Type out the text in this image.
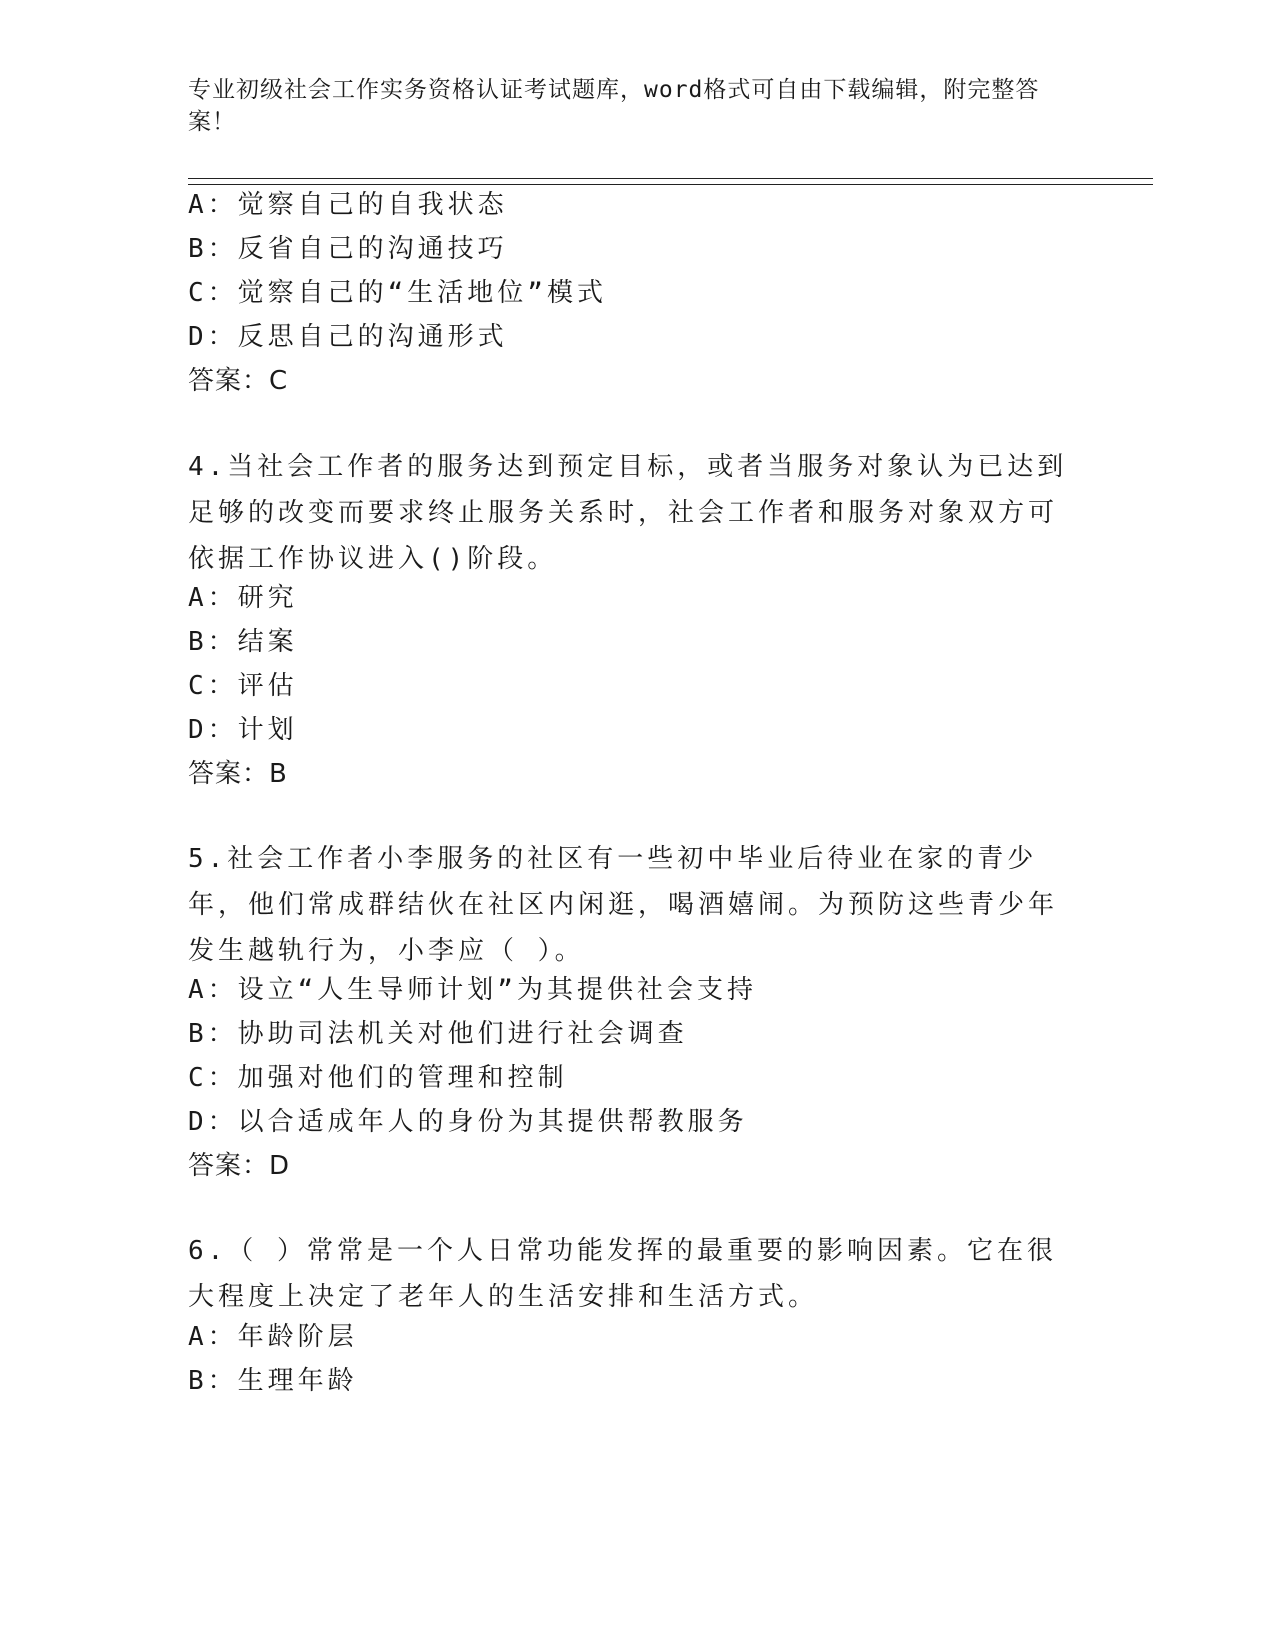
专业初级社会工作实务资格认证考试题库，word格式可自由下载编辑，附完整答案！
A：觉察自己的自我状态
B：反省自己的沟通技巧
C：觉察自己的“生活地位”模式
D：反思自己的沟通形式
答案：C
4.当社会工作者的服务达到预定目标，或者当服务对象认为已达到足够的改变而要求终止服务关系时，社会工作者和服务对象双方可依据工作协议进入()阶段。
A：研究
B：结案
C：评估
D：计划
答案：B
5.社会工作者小李服务的社区有一些初中毕业后待业在家的青少年，他们常成群结伙在社区内闲逛，喝酒嬉闹。为预防这些青少年发生越轨行为，小李应（ ）。
A：设立“人生导师计划”为其提供社会支持
B：协助司法机关对他们进行社会调查
C：加强对他们的管理和控制
D：以合适成年人的身份为其提供帮教服务
答案：D
6.（ ）常常是一个人日常功能发挥的最重要的影响因素。它在很大程度上决定了老年人的生活安排和生活方式。
A：年龄阶层
B：生理年龄
